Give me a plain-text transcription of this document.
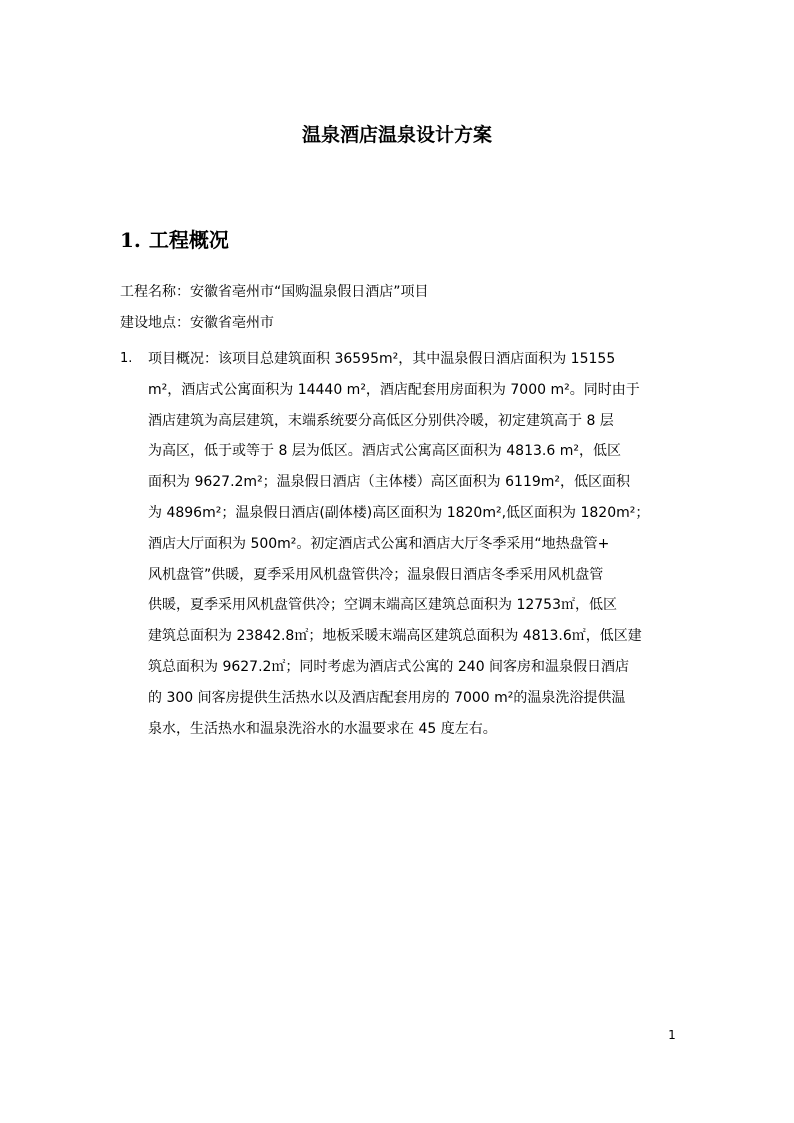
温泉酒店温泉设计方案
1. 工程概况

工程名称：安徽省亳州市“国购温泉假日酒店”项目

建设地点：安徽省亳州市

1.	项目概况：该项目总建筑面积 36595m²，其中温泉假日酒店面积为 15155
m²，酒店式公寓面积为 14440 m²，酒店配套用房面积为 7000 m²。同时由于
酒店建筑为高层建筑，末端系统要分高低区分别供冷暖，初定建筑高于 8 层
为高区，低于或等于 8 层为低区。酒店式公寓高区面积为 4813.6 m²，低区
面积为 9627.2m²；温泉假日酒店（主体楼）高区面积为 6119m²，低区面积
为 4896m²；温泉假日酒店(副体楼)高区面积为 1820m²,低区面积为 1820m²；
酒店大厅面积为 500m²。初定酒店式公寓和酒店大厅冬季采用“地热盘管+
风机盘管”供暖，夏季采用风机盘管供冷；温泉假日酒店冬季采用风机盘管
供暖，夏季采用风机盘管供冷；空调末端高区建筑总面积为 12753㎡，低区
建筑总面积为 23842.8㎡；地板采暖末端高区建筑总面积为 4813.6㎡，低区建
筑总面积为 9627.2㎡；同时考虑为酒店式公寓的 240 间客房和温泉假日酒店
的 300 间客房提供生活热水以及酒店配套用房的 7000 m²的温泉洗浴提供温
泉水，生活热水和温泉洗浴水的水温要求在 45 度左右。
1
